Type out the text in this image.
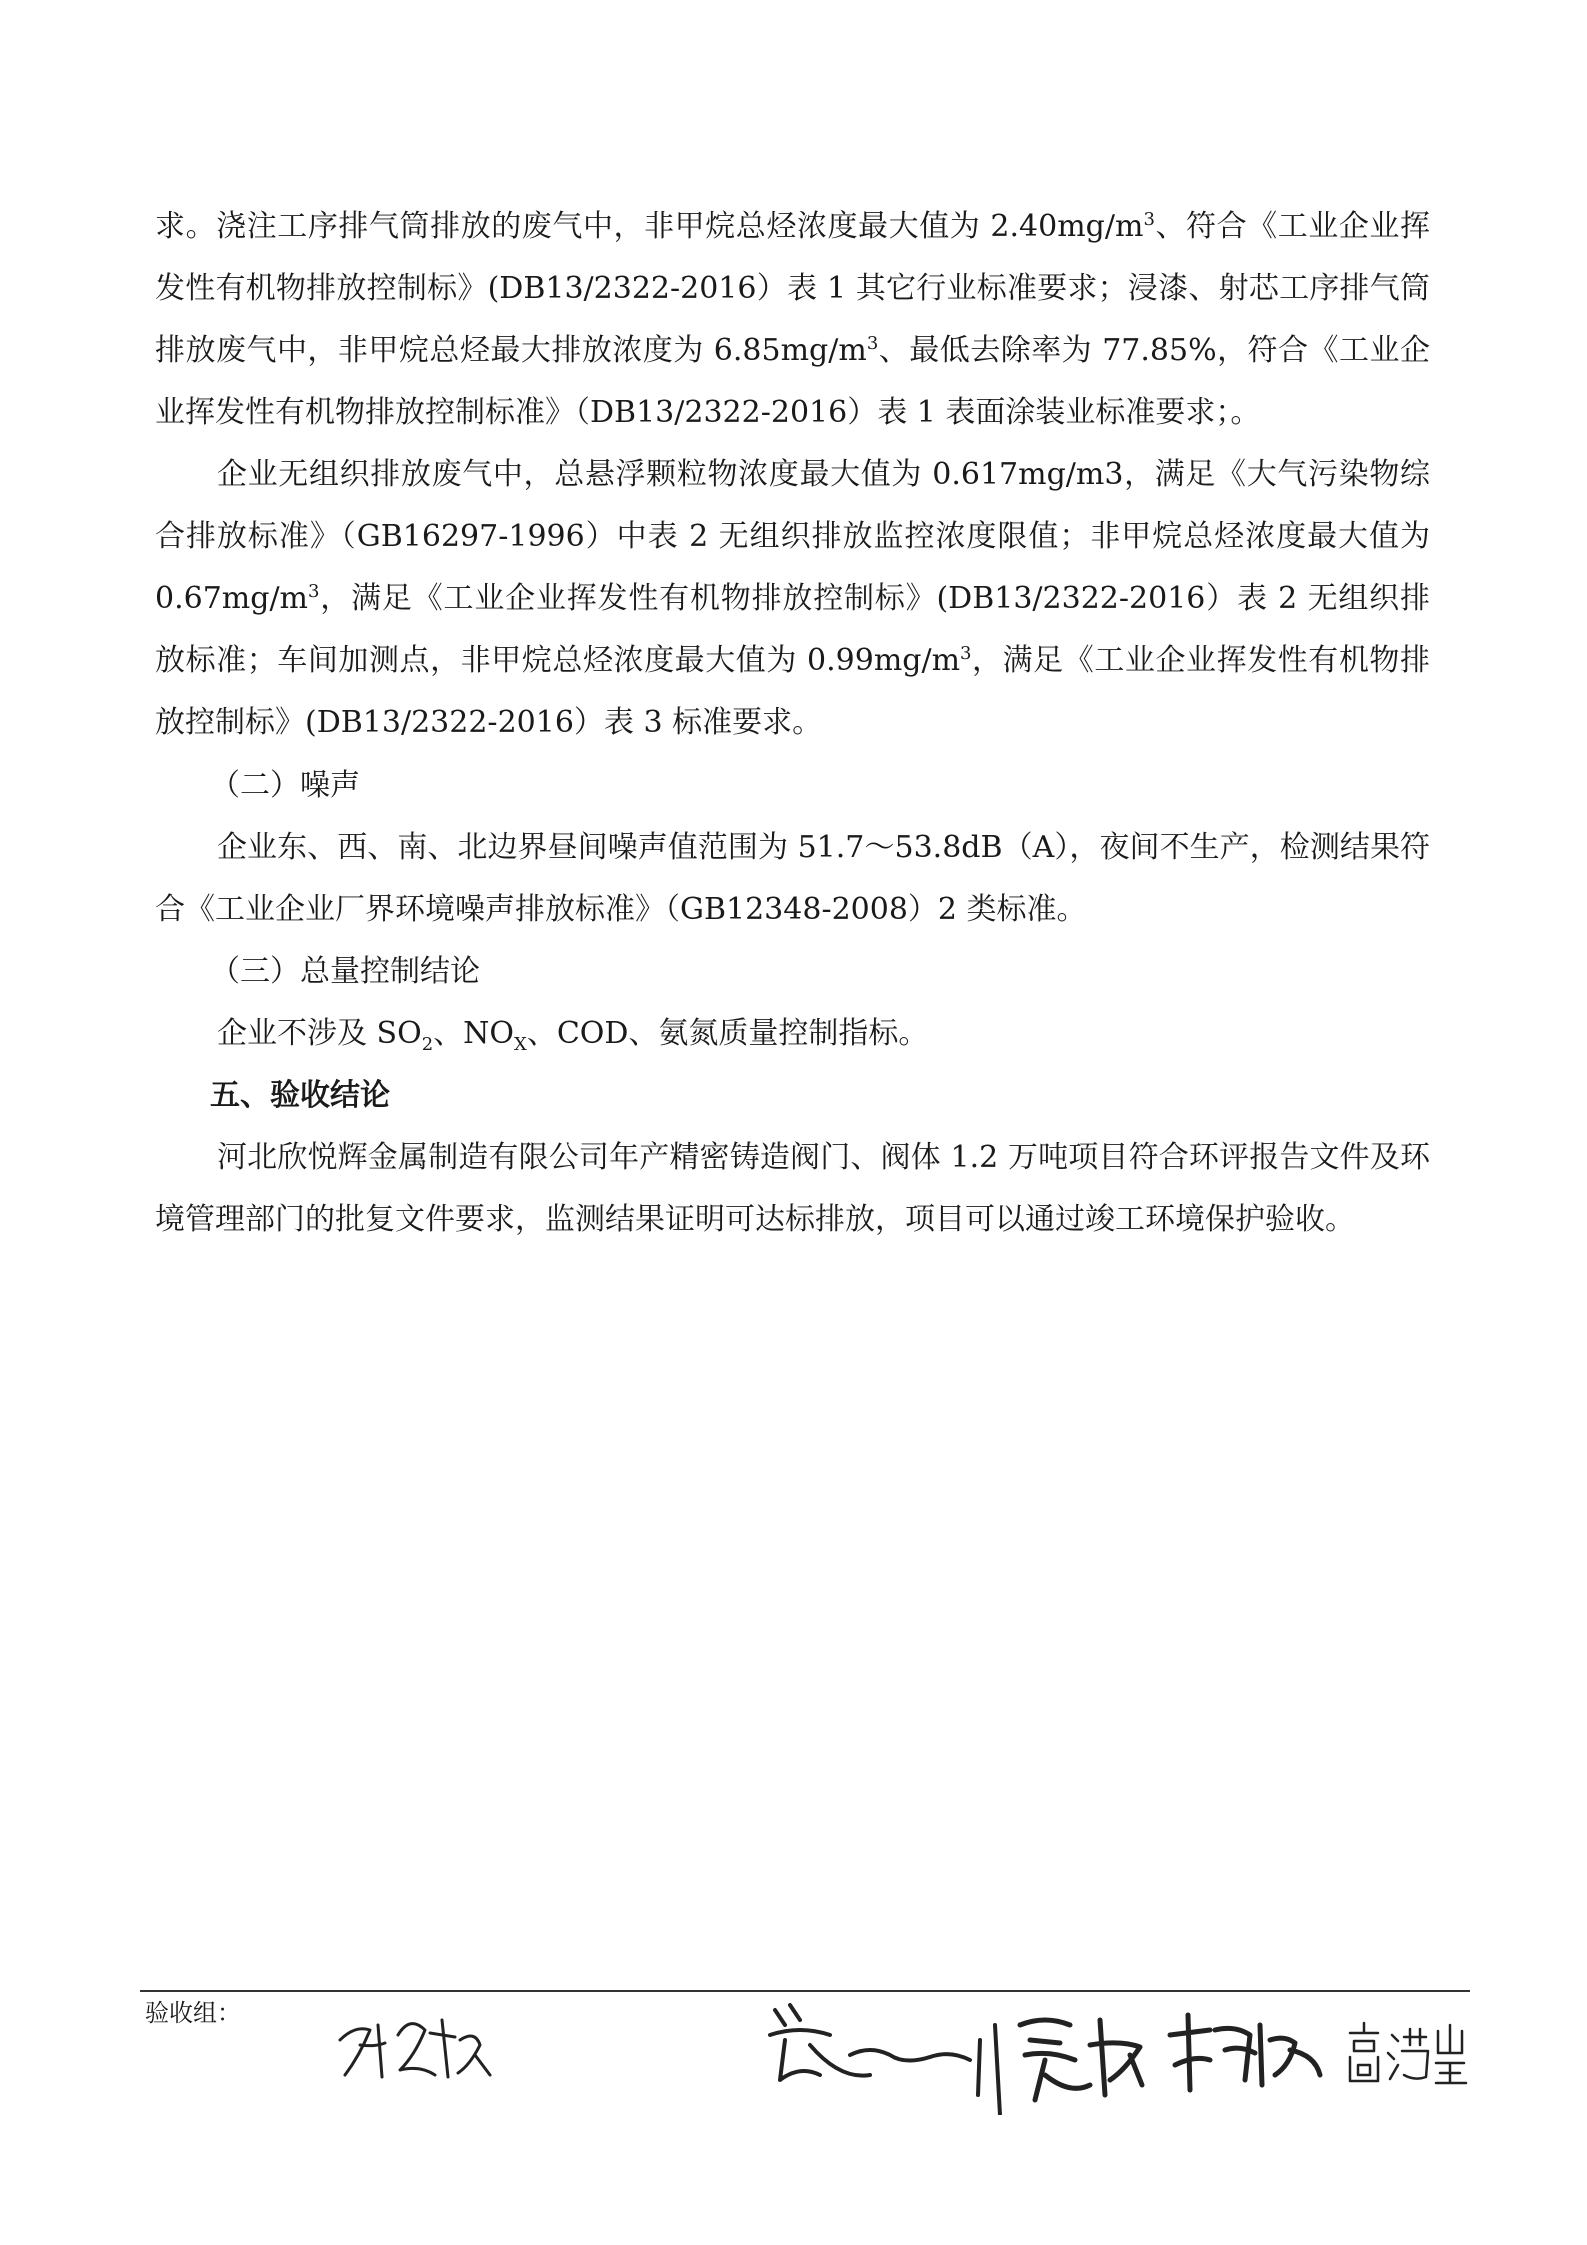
求。浇注工序排气筒排放的废气中，非甲烷总烃浓度最大值为 $2.40mg/m^3$、符合《工业企业挥发性有机物排放控制标》(DB13/2322-2016）表 1 其它行业标准要求；浸漆、射芯工序排气筒排放废气中，非甲烷总烃最大排放浓度为 $6.85mg/m^3$、最低去除率为 77.85%，符合《工业企业挥发性有机物排放控制标准》（DB13/2322-2016）表 1 表面涂装业标准要求；。

企业无组织排放废气中，总悬浮颗粒物浓度最大值为 0.617mg/m3，满足《大气污染物综合排放标准》（GB16297-1996）中表 2 无组织排放监控浓度限值；非甲烷总烃浓度最大值为 $0.67mg/m^3$，满足《工业企业挥发性有机物排放控制标》(DB13/2322-2016）表 2 无组织排放标准；车间加测点，非甲烷总烃浓度最大值为 $0.99mg/m^3$，满足《工业企业挥发性有机物排放控制标》(DB13/2322-2016）表 3 标准要求。

（二）噪声

企业东、西、南、北边界昼间噪声值范围为 51.7～53.8dB（A），夜间不生产，检测结果符合《工业企业厂界环境噪声排放标准》（GB12348-2008）2 类标准。

（三）总量控制结论

企业不涉及 $SO_2$、$NO_X$、COD、氨氮质量控制指标。

五、验收结论

河北欣悦辉金属制造有限公司年产精密铸造阀门、阀体 1.2 万吨项目符合环评报告文件及环境管理部门的批复文件要求，监测结果证明可达标排放，项目可以通过竣工环境保护验收。

验收组：
